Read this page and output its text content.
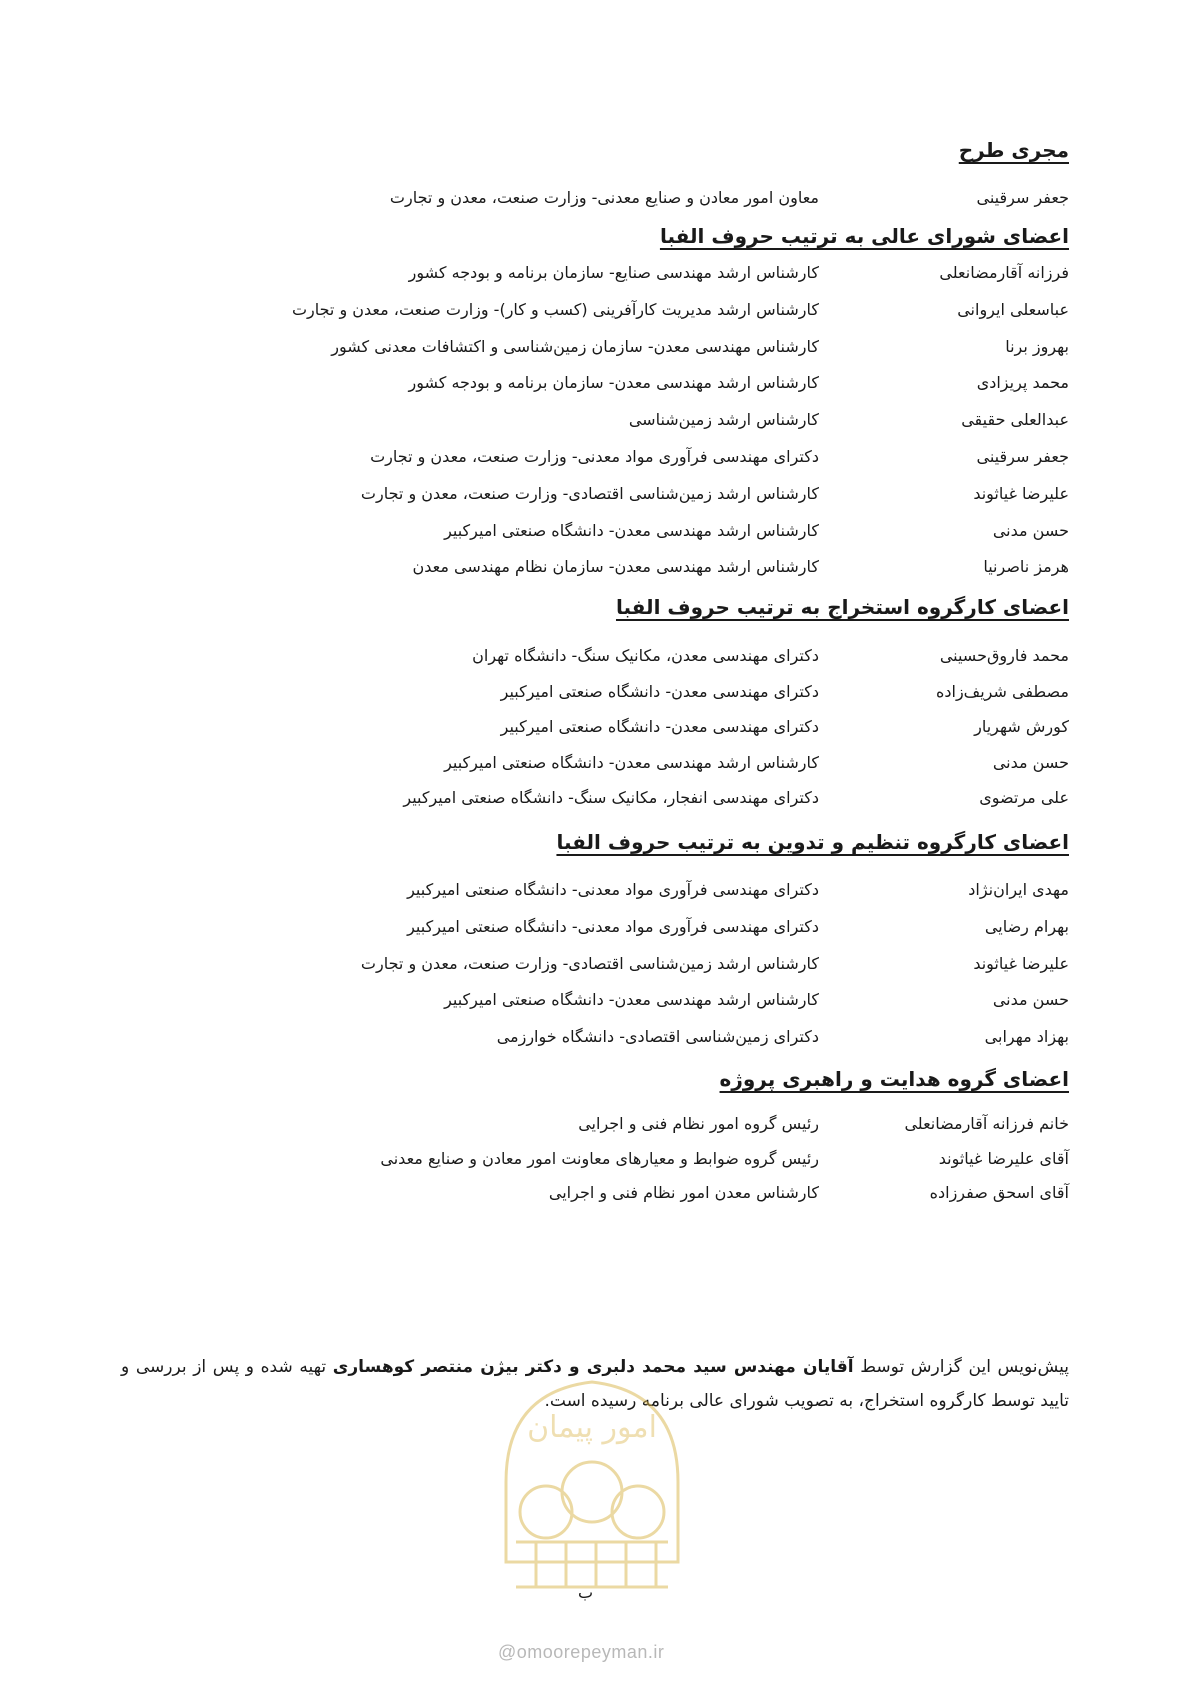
مجری طرح
جعفر سرقینی
معاون امور معادن و صنایع معدنی- وزارت صنعت، معدن و تجارت
اعضای شورای عالی به ترتیب حروف الفبا
فرزانه آقارمضانعلی
کارشناس ارشد مهندسی صنایع- سازمان برنامه و بودجه کشور
عباسعلی ایروانی
کارشناس ارشد مدیریت کارآفرینی (کسب و کار)- وزارت صنعت، معدن و تجارت
بهروز برنا
کارشناس مهندسی معدن- سازمان زمین‌شناسی و اکتشافات معدنی کشور
محمد پریزادی
کارشناس ارشد مهندسی معدن- سازمان برنامه و بودجه کشور
عبدالعلی حقیقی
کارشناس ارشد زمین‌شناسی
جعفر سرقینی
دکترای مهندسی فرآوری مواد معدنی- وزارت صنعت، معدن و تجارت
علیرضا غیاثوند
کارشناس ارشد زمین‌شناسی اقتصادی- وزارت صنعت، معدن و تجارت
حسن مدنی
کارشناس ارشد مهندسی معدن- دانشگاه صنعتی امیرکبیر
هرمز ناصرنیا
کارشناس ارشد مهندسی معدن- سازمان نظام مهندسی معدن
اعضای کارگروه استخراج به ترتیب حروف الفبا
محمد فاروق‌حسینی
دکترای مهندسی معدن، مکانیک سنگ- دانشگاه تهران
مصطفی شریف‌زاده
دکترای مهندسی معدن- دانشگاه صنعتی امیرکبیر
کورش شهریار
دکترای مهندسی معدن- دانشگاه صنعتی امیرکبیر
حسن مدنی
کارشناس ارشد مهندسی معدن- دانشگاه صنعتی امیرکبیر
علی مرتضوی
دکترای مهندسی انفجار، مکانیک سنگ- دانشگاه صنعتی امیرکبیر
اعضای کارگروه تنظیم و تدوین به ترتیب حروف الفبا
مهدی ایران‌نژاد
دکترای مهندسی فرآوری مواد معدنی- دانشگاه صنعتی امیرکبیر
بهرام رضایی
دکترای مهندسی فرآوری مواد معدنی- دانشگاه صنعتی امیرکبیر
علیرضا غیاثوند
کارشناس ارشد زمین‌شناسی اقتصادی- وزارت صنعت، معدن و تجارت
حسن مدنی
کارشناس ارشد مهندسی معدن- دانشگاه صنعتی امیرکبیر
بهزاد مهرابی
دکترای زمین‌شناسی اقتصادی- دانشگاه خوارزمی
اعضای گروه هدایت و راهبری پروژه
خانم فرزانه آقارمضانعلی
رئیس گروه امور نظام فنی و اجرایی
آقای علیرضا غیاثوند
رئیس گروه ضوابط و معیارهای معاونت امور معادن و صنایع معدنی
آقای اسحق صفرزاده
کارشناس معدن امور نظام فنی و اجرایی
پیش‌نویس این گزارش توسط آقایان مهندس سید محمد دلبری و دکتر بیژن منتصر کوهساری تهیه شده و پس از بررسی و تایید توسط کارگروه استخراج، به تصویب شورای عالی برنامه رسیده است.
امور پیمان
ب
@omoorepeyman.ir
